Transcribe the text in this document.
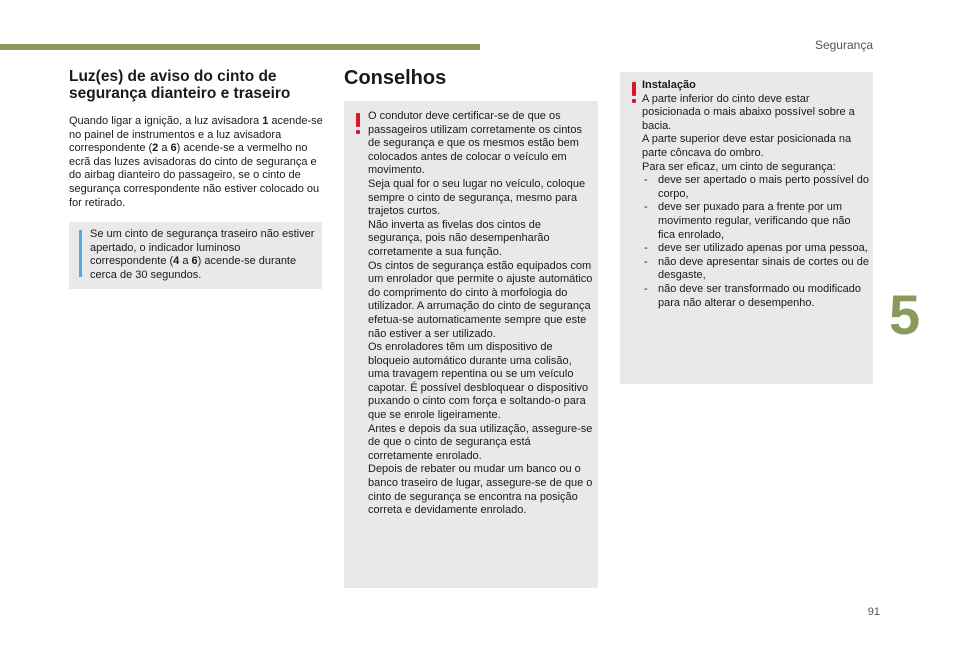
Segurança
5
91
Luz(es) de aviso do cinto de segurança dianteiro e traseiro

Quando ligar a ignição, a luz avisadora 1 acende-se no painel de instrumentos e a luz avisadora correspondente (2 a 6) acende-se a vermelho no ecrã das luzes avisadoras do cinto de segurança e do airbag dianteiro do passageiro, se o cinto de segurança correspondente não estiver colocado ou for retirado.

Se um cinto de segurança traseiro não estiver apertado, o indicador luminoso correspondente (4 a 6) acende-se durante cerca de 30 segundos.

Conselhos

O condutor deve certificar-se de que os passageiros utilizam corretamente os cintos de segurança e que os mesmos estão bem colocados antes de colocar o veículo em movimento.
Seja qual for o seu lugar no veículo, coloque sempre o cinto de segurança, mesmo para trajetos curtos.
Não inverta as fivelas dos cintos de segurança, pois não desempenharão corretamente a sua função.
Os cintos de segurança estão equipados com um enrolador que permite o ajuste automático do comprimento do cinto à morfologia do utilizador. A arrumação do cinto de segurança efetua-se automaticamente sempre que este não estiver a ser utilizado.
Os enroladores têm um dispositivo de bloqueio automático durante uma colisão, uma travagem repentina ou se um veículo capotar. É possível desbloquear o dispositivo puxando o cinto com força e soltando-o para que se enrole ligeiramente.
Antes e depois da sua utilização, assegure-se de que o cinto de segurança está corretamente enrolado.
Depois de rebater ou mudar um banco ou o banco traseiro de lugar, assegure-se de que o cinto de segurança se encontra na posição correta e devidamente enrolado.

Instalação
A parte inferior do cinto deve estar posicionada o mais abaixo possível sobre a bacia.
A parte superior deve estar posicionada na parte côncava do ombro.
Para ser eficaz, um cinto de segurança:
- deve ser apertado o mais perto possível do corpo,
- deve ser puxado para a frente por um movimento regular, verificando que não fica enrolado,
- deve ser utilizado apenas por uma pessoa,
- não deve apresentar sinais de cortes ou de desgaste,
- não deve ser transformado ou modificado para não alterar o desempenho.
